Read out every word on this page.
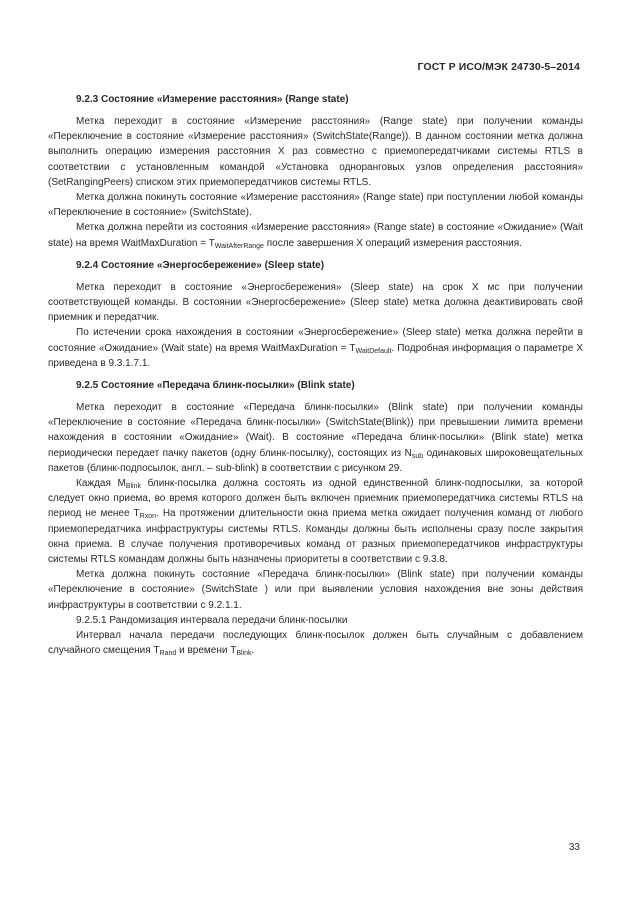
ГОСТ Р ИСО/МЭК 24730-5–2014
9.2.3 Состояние «Измерение расстояния» (Range state)

Метка переходит в состояние «Измерение расстояния» (Range state) при получении команды «Переключение в состояние «Измерение расстояния» (SwitchState(Range)). В данном состоянии метка должна выполнить операцию измерения расстояния X раз совместно с приемопередатчиками системы RTLS в соответствии с установленным командой «Установка одноранговых узлов определения расстояния» (SetRangingPeers) списком этих приемопередатчиков системы RTLS.

Метка должна покинуть состояние «Измерение расстояния» (Range state) при поступлении любой команды «Переключение в состояние» (SwitchState).

Метка должна перейти из состояния «Измерение расстояния» (Range state) в состояние «Ожидание» (Wait state) на время WaitMaxDuration = $T_{WaitAfterRange}$ после завершения X операций измерения расстояния.

9.2.4 Состояние «Энергосбережение» (Sleep state)

Метка переходит в состояние «Энергосбережения» (Sleep state) на срок X мс при получении соответствующей команды. В состоянии «Энергосбережение» (Sleep state) метка должна деактивировать свой приемник и передатчик.

По истечении срока нахождения в состоянии «Энергосбережение» (Sleep state) метка должна перейти в состояние «Ожидание» (Wait state) на время WaitMaxDuration = $T_{WaitDefault}$. Подробная информация о параметре X приведена в 9.3.1.7.1.

9.2.5 Состояние «Передача блинк-посылки» (Blink state)

Метка переходит в состояние «Передача блинк-посылки» (Blink state) при получении команды «Переключение в состояние «Передача блинк-посылки» (SwitchState(Blink)) при превышении лимита времени нахождения в состоянии «Ожидание» (Wait). В состояние «Передача блинк-посылки» (Blink state) метка периодически передает пачку пакетов (одну блинк-посылку), состоящих из $N_{sub}$ одинаковых широковещательных пакетов (блинк-подпосылок, англ. – sub-blink) в соответствии с рисунком 29.

Каждая $M_{Blink}$ блинк-посылка должна состоять из одной единственной блинк-подпосылки, за которой следует окно приема, во время которого должен быть включен приемник приемопередатчика системы RTLS на период не менее $T_{Rxon}$. На протяжении длительности окна приема метка ожидает получения команд от любого приемопередатчика инфраструктуры системы RTLS. Команды должны быть исполнены сразу после закрытия окна приема. В случае получения противоречивых команд от разных приемопередатчиков инфраструктуры системы RTLS командам должны быть назначены приоритеты в соответствии с 9.3.8.

Метка должна покинуть состояние «Передача блинк-посылки» (Blink state) при получении команды «Переключение в состояние» (SwitchState ) или при выявлении условия нахождения вне зоны действия инфраструктуры в соответствии с 9.2.1.1.

9.2.5.1 Рандомизация интервала передачи блинк-посылки

Интервал начала передачи последующих блинк-посылок должен быть случайным с добавлением случайного смещения $T_{Rand}$ и времени $T_{Blink}$.

33
